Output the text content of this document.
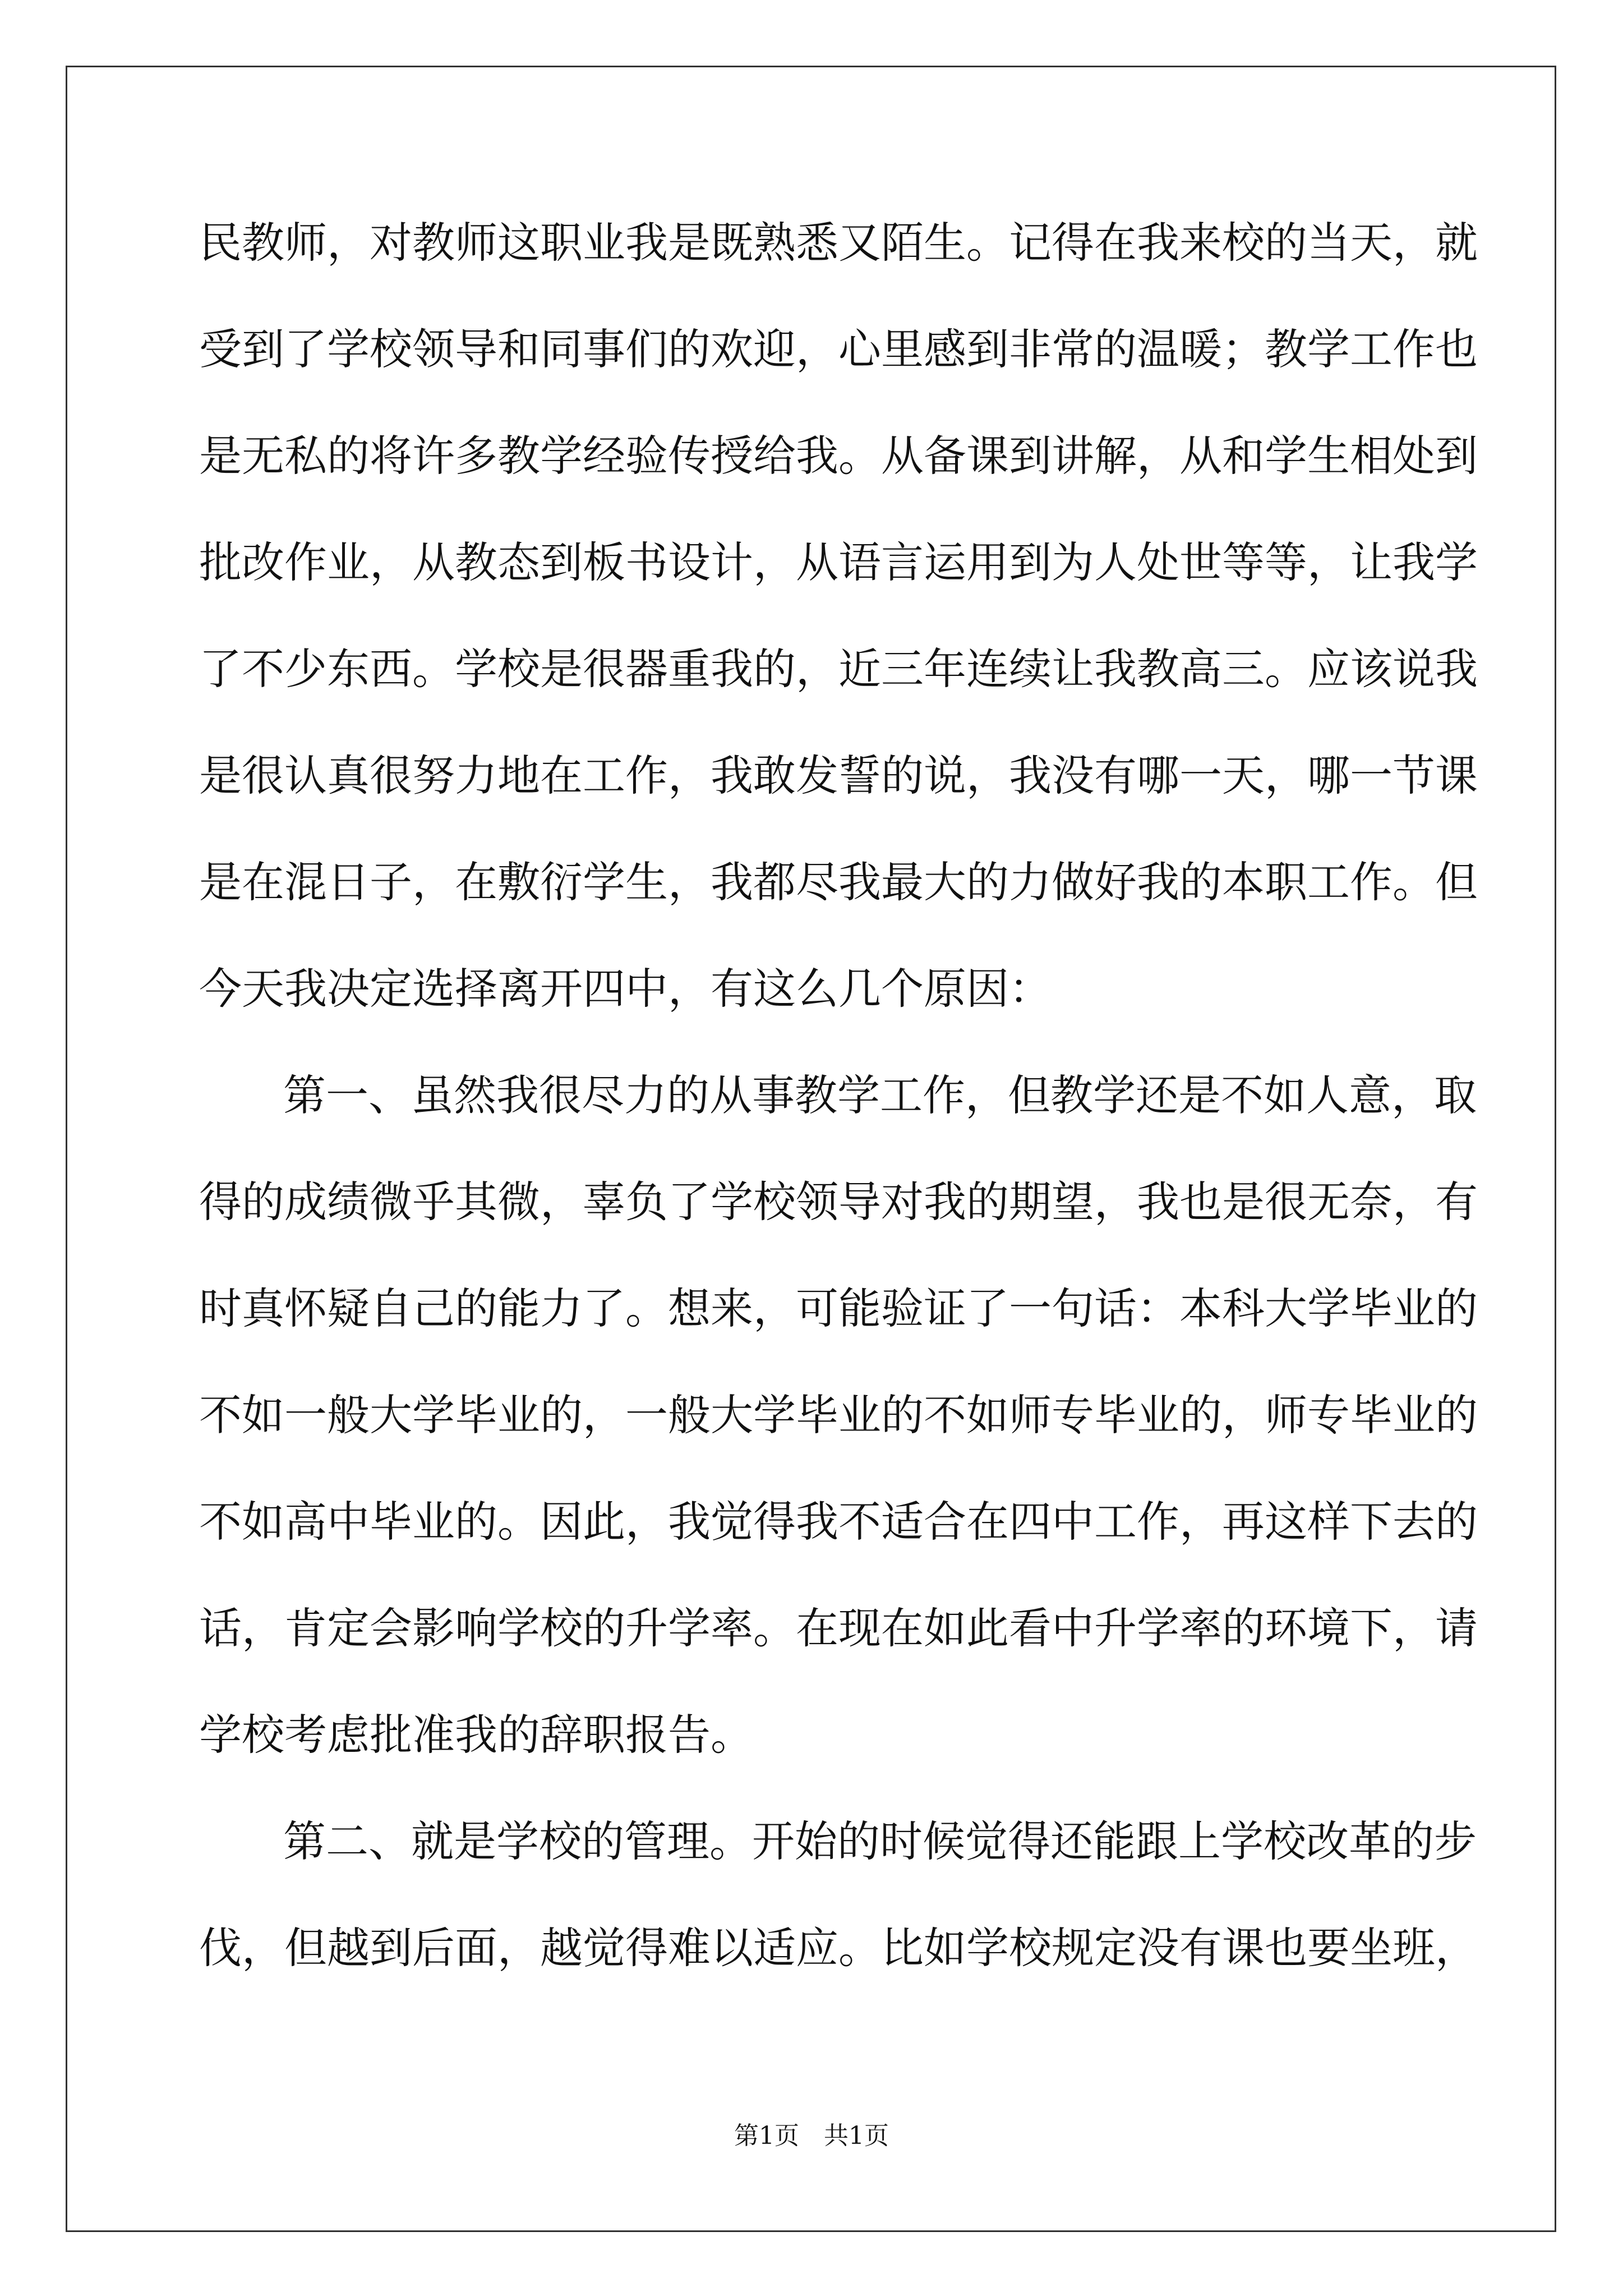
民教师，对教师这职业我是既熟悉又陌生。记得在我来校的当天，就
受到了学校领导和同事们的欢迎，心里感到非常的温暖；教学工作也
是无私的将许多教学经验传授给我。从备课到讲解，从和学生相处到
批改作业，从教态到板书设计，从语言运用到为人处世等等，让我学
了不少东西。学校是很器重我的，近三年连续让我教高三。应该说我
是很认真很努力地在工作，我敢发誓的说，我没有哪一天，哪一节课
是在混日子，在敷衍学生，我都尽我最大的力做好我的本职工作。但
今天我决定选择离开四中，有这么几个原因：
第一、虽然我很尽力的从事教学工作，但教学还是不如人意，取
得的成绩微乎其微，辜负了学校领导对我的期望，我也是很无奈，有
时真怀疑自己的能力了。想来，可能验证了一句话：本科大学毕业的
不如一般大学毕业的，一般大学毕业的不如师专毕业的，师专毕业的
不如高中毕业的。因此，我觉得我不适合在四中工作，再这样下去的
话，肯定会影响学校的升学率。在现在如此看中升学率的环境下，请
学校考虑批准我的辞职报告。
第二、就是学校的管理。开始的时候觉得还能跟上学校改革的步
伐，但越到后面，越觉得难以适应。比如学校规定没有课也要坐班，
第1页 共1页
